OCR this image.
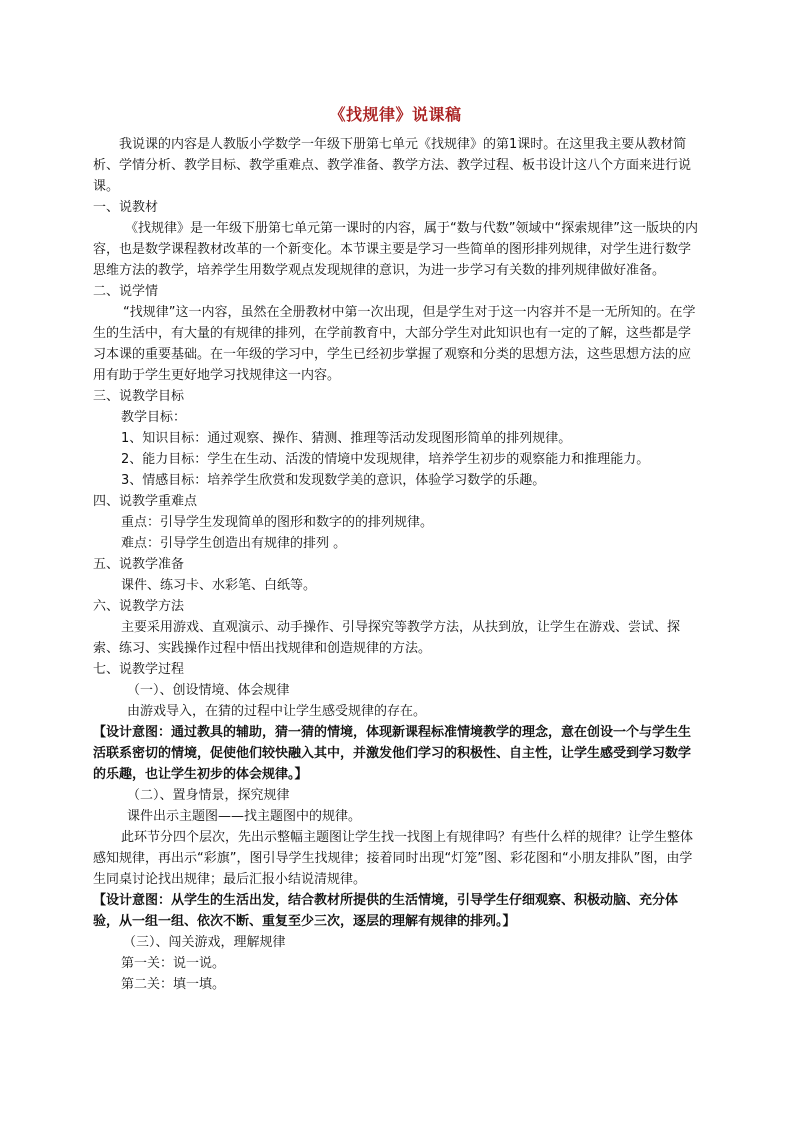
《找规律》说课稿

我说课的内容是人教版小学数学一年级下册第七单元《找规律》的第1课时。在这里我主要从教材简析、学情分析、教学目标、教学重难点、教学准备、教学方法、教学过程、板书设计这八个方面来进行说课。

一、说教材

《找规律》是一年级下册第七单元第一课时的内容，属于“数与代数”领域中“探索规律”这一版块的内容，也是数学课程教材改革的一个新变化。本节课主要是学习一些简单的图形排列规律，对学生进行数学思维方法的教学，培养学生用数学观点发现规律的意识，为进一步学习有关数的排列规律做好准备。

二、说学情

“找规律”这一内容，虽然在全册教材中第一次出现，但是学生对于这一内容并不是一无所知的。在学生的生活中，有大量的有规律的排列，在学前教育中，大部分学生对此知识也有一定的了解，这些都是学习本课的重要基础。在一年级的学习中，学生已经初步掌握了观察和分类的思想方法，这些思想方法的应用有助于学生更好地学习找规律这一内容。

三、说教学目标

教学目标：

1、知识目标：通过观察、操作、猜测、推理等活动发现图形简单的排列规律。

2、能力目标：学生在生动、活泼的情境中发现规律，培养学生初步的观察能力和推理能力。

3、情感目标：培养学生欣赏和发现数学美的意识，体验学习数学的乐趣。

四、说教学重难点

重点：引导学生发现简单的图形和数字的的排列规律。

难点：引导学生创造出有规律的排列 。

五、说教学准备

课件、练习卡、水彩笔、白纸等。

六、说教学方法

主要采用游戏、直观演示、动手操作、引导探究等教学方法，从扶到放，让学生在游戏、尝试、探索、练习、实践操作过程中悟出找规律和创造规律的方法。

七、说教学过程

（一）、创设情境、体会规律

由游戏导入，在猜的过程中让学生感受规律的存在。

【设计意图：通过教具的辅助，猜一猜的情境，体现新课程标准情境教学的理念，意在创设一个与学生生活联系密切的情境，促使他们较快融入其中，并激发他们学习的积极性、自主性，让学生感受到学习数学的乐趣，也让学生初步的体会规律。】

（二）、置身情景，探究规律

课件出示主题图——找主题图中的规律。

此环节分四个层次，先出示整幅主题图让学生找一找图上有规律吗？有些什么样的规律？让学生整体感知规律，再出示“彩旗”，图引导学生找规律；接着同时出现“灯笼”图、彩花图和“小朋友排队”图，由学生同桌讨论找出规律；最后汇报小结说清规律。

【设计意图：从学生的生活出发，结合教材所提供的生活情境，引导学生仔细观察、积极动脑、充分体验，从一组一组、依次不断、重复至少三次，逐层的理解有规律的排列。】

（三）、闯关游戏，理解规律

第一关：说一说。

第二关：填一填。
